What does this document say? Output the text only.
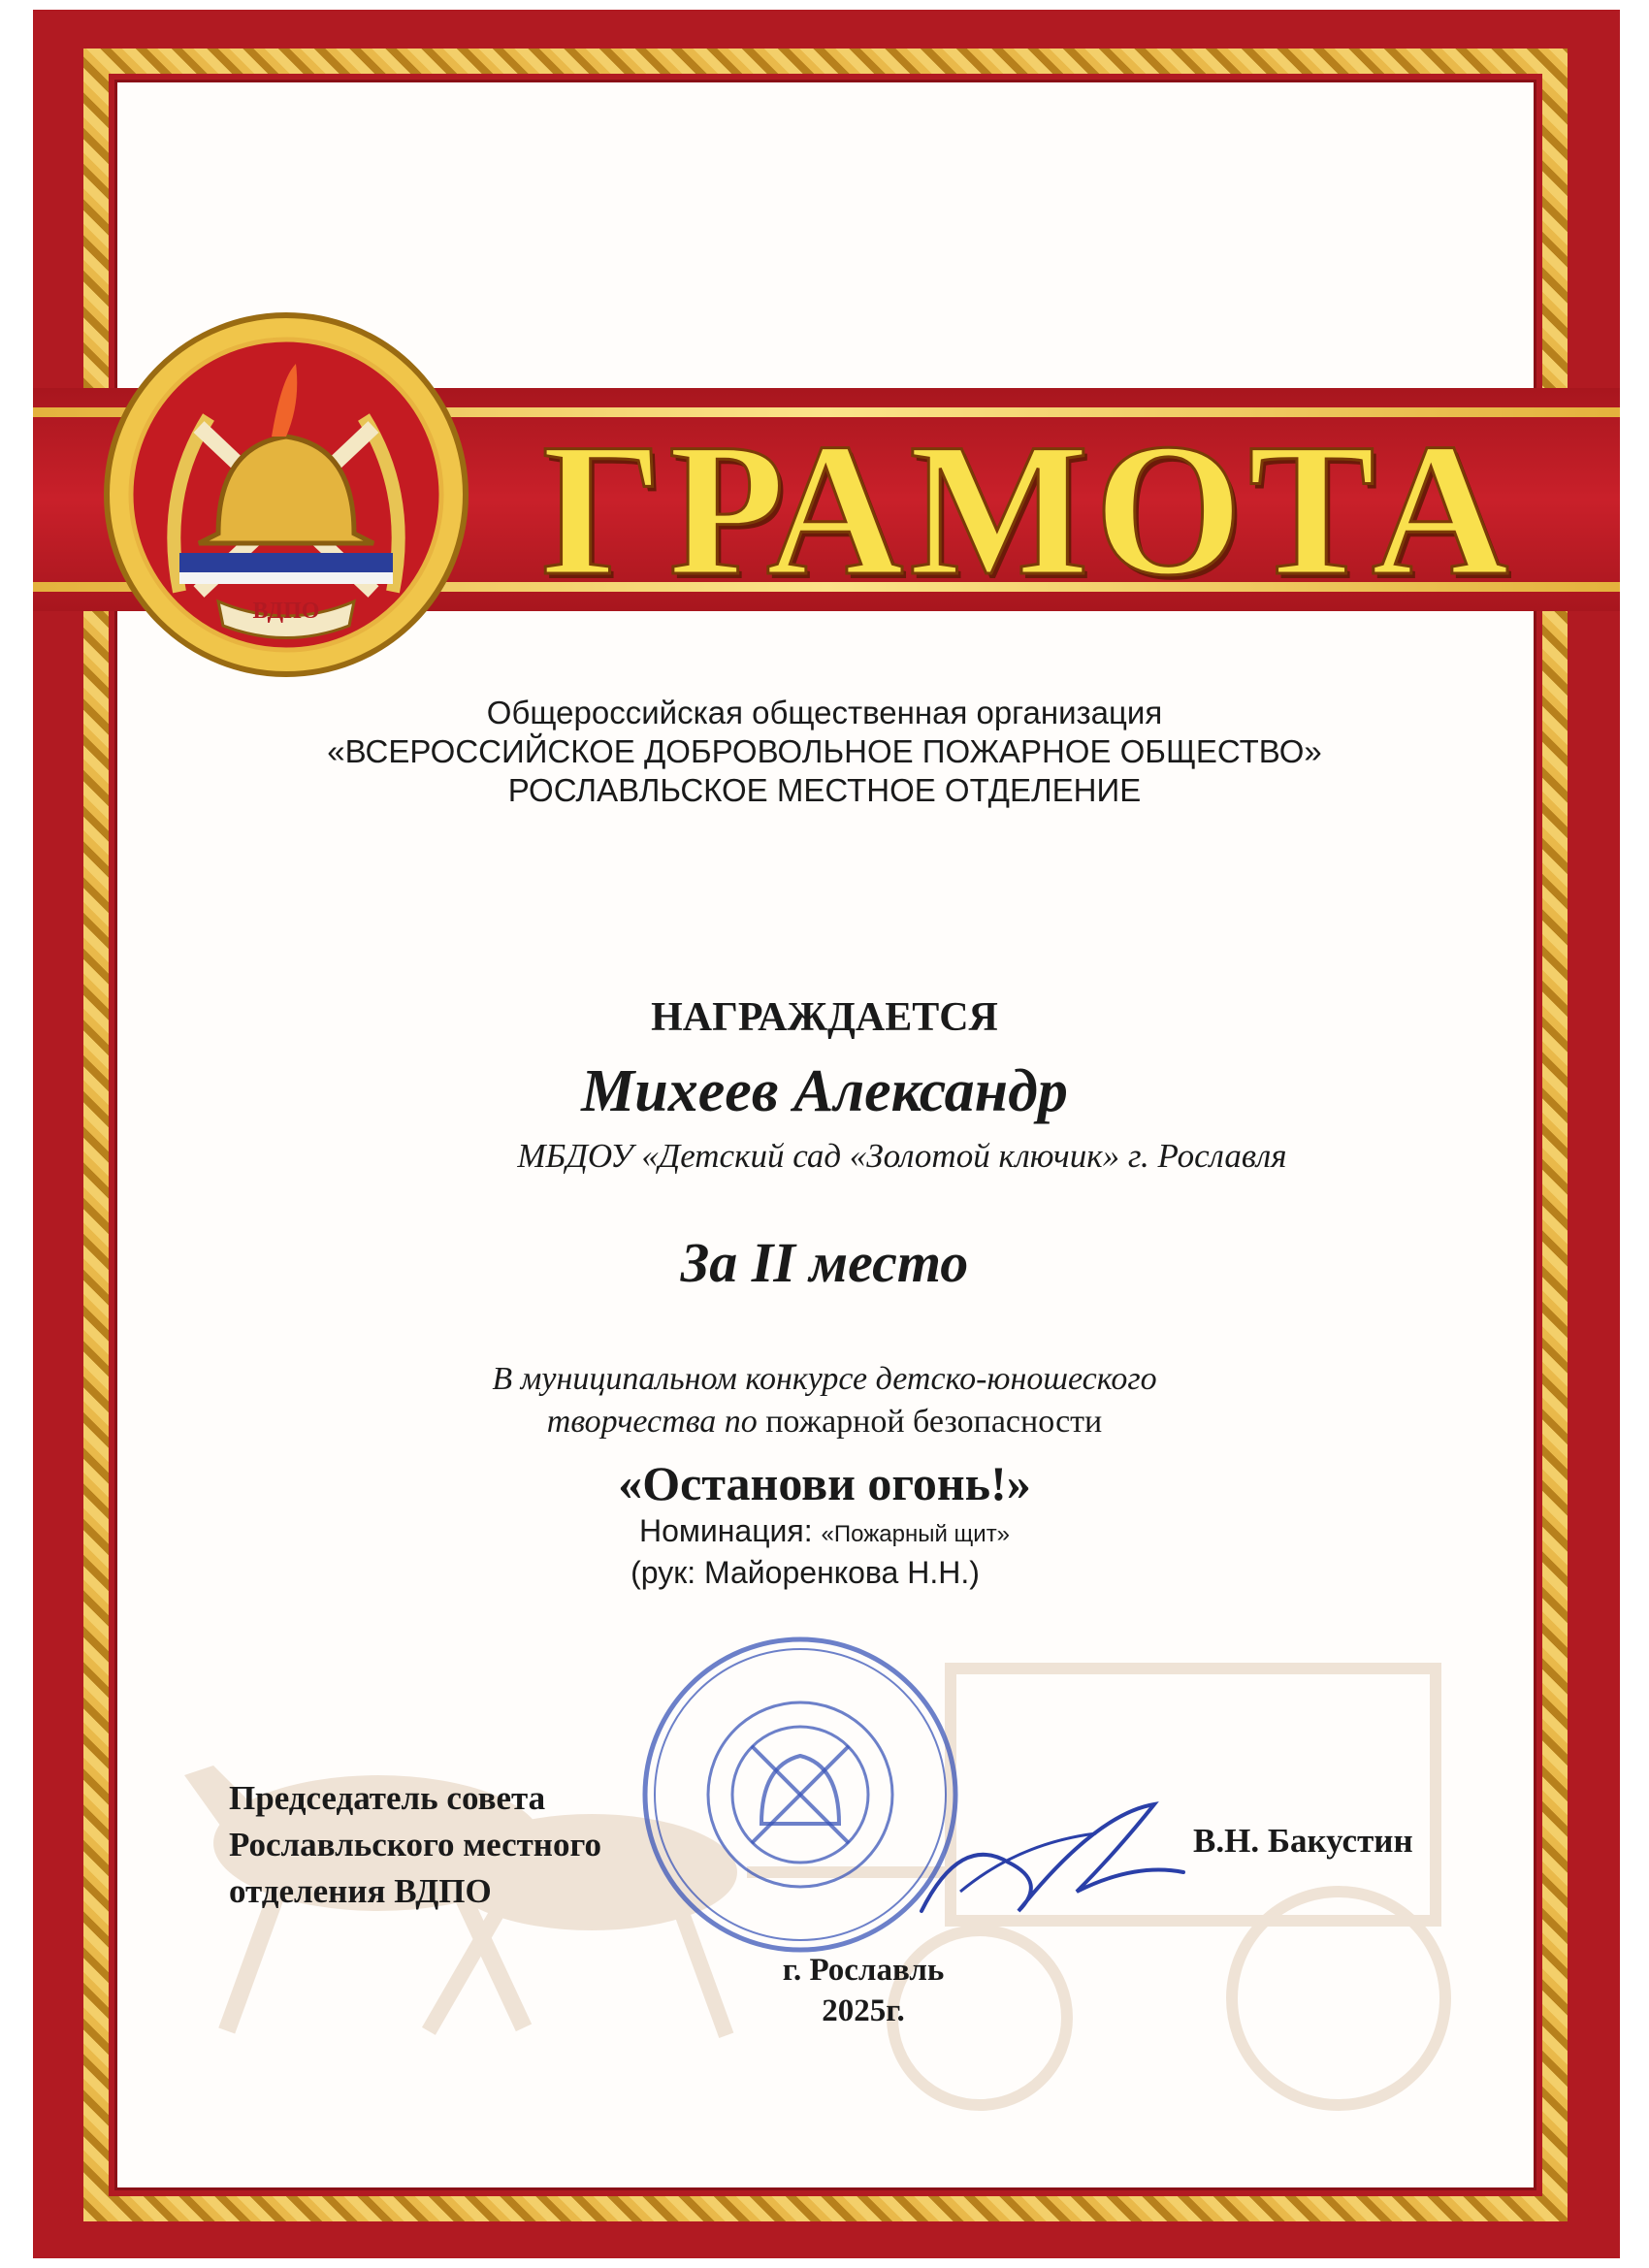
ГРАМОТА
ВДПО
Общероссийская общественная организация
«ВСЕРОССИЙСКОЕ ДОБРОВОЛЬНОЕ ПОЖАРНОЕ ОБЩЕСТВО»
РОСЛАВЛЬСКОЕ МЕСТНОЕ ОТДЕЛЕНИЕ
НАГРАЖДАЕТСЯ
Михеев Александр
МБДОУ «Детский сад «Золотой ключик» г. Рославля
За II место
В муниципальном конкурсе детско-юношеского
творчества по пожарной безопасности
«Останови огонь!»
Номинация: «Пожарный щит»
(рук: Майоренкова Н.Н.)
Председатель совета
Рославльского местного
отделения ВДПО
В.Н. Бакустин
г. Рославль
2025г.
